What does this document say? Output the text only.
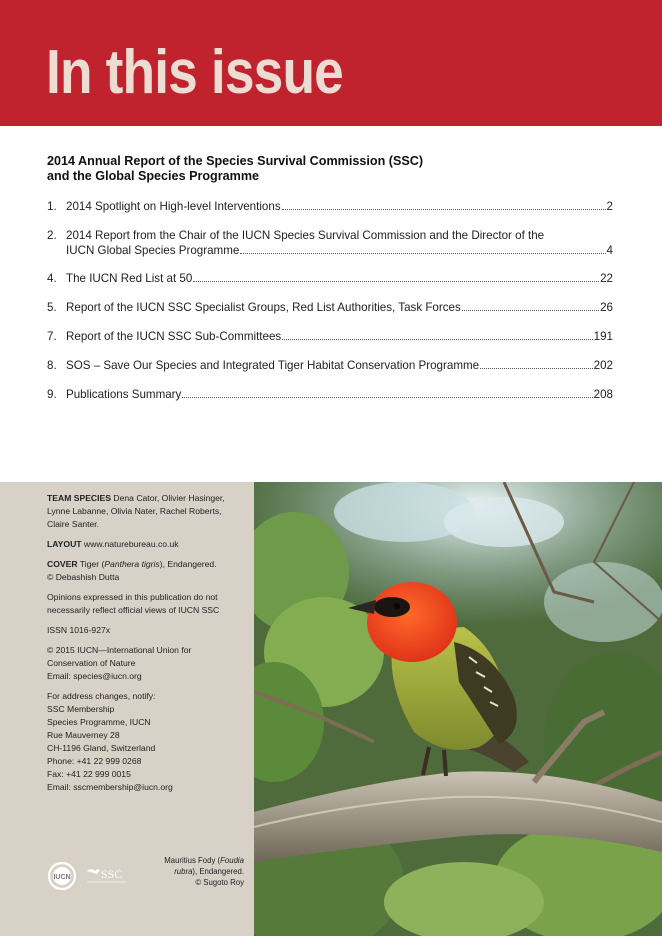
In this issue
2014 Annual Report of the Species Survival Commission (SSC)
and the Global Species Programme
1. 2014 Spotlight on High-level Interventions	2
2. 2014 Report from the Chair of the IUCN Species Survival Commission and the Director of the
IUCN Global Species Programme	4
4. The IUCN Red List at 50	22
5. Report of the IUCN SSC Specialist Groups, Red List Authorities, Task Forces	26
7. Report of the IUCN SSC Sub-Committees	191
8. SOS – Save Our Species and Integrated Tiger Habitat Conservation Programme	202
9. Publications Summary	208

TEAM SPECIES Dena Cator, Olivier Hasinger, Lynne Labanne, Olivia Nater, Rachel Roberts, Claire Santer.

LAYOUT www.naturebureau.co.uk

COVER Tiger (Panthera tigris), Endangered.
© Debashish Dutta

Opinions expressed in this publication do not
necessarily reflect official views of IUCN SSC

ISSN 1016-927x

© 2015 IUCN—International Union for
Conservation of Nature
Email: species@iucn.org

For address changes, notify:
SSC Membership
Species Programme, IUCN
Rue Mauverney 28
CH-1196 Gland, Switzerland
Phone: +41 22 999 0268
Fax: +41 22 999 0015
Email: sscmembership@iucn.org

IUCN	SSC
Mauritius Fody (Foudia
rubra), Endangered.
© Sugoto Roy
